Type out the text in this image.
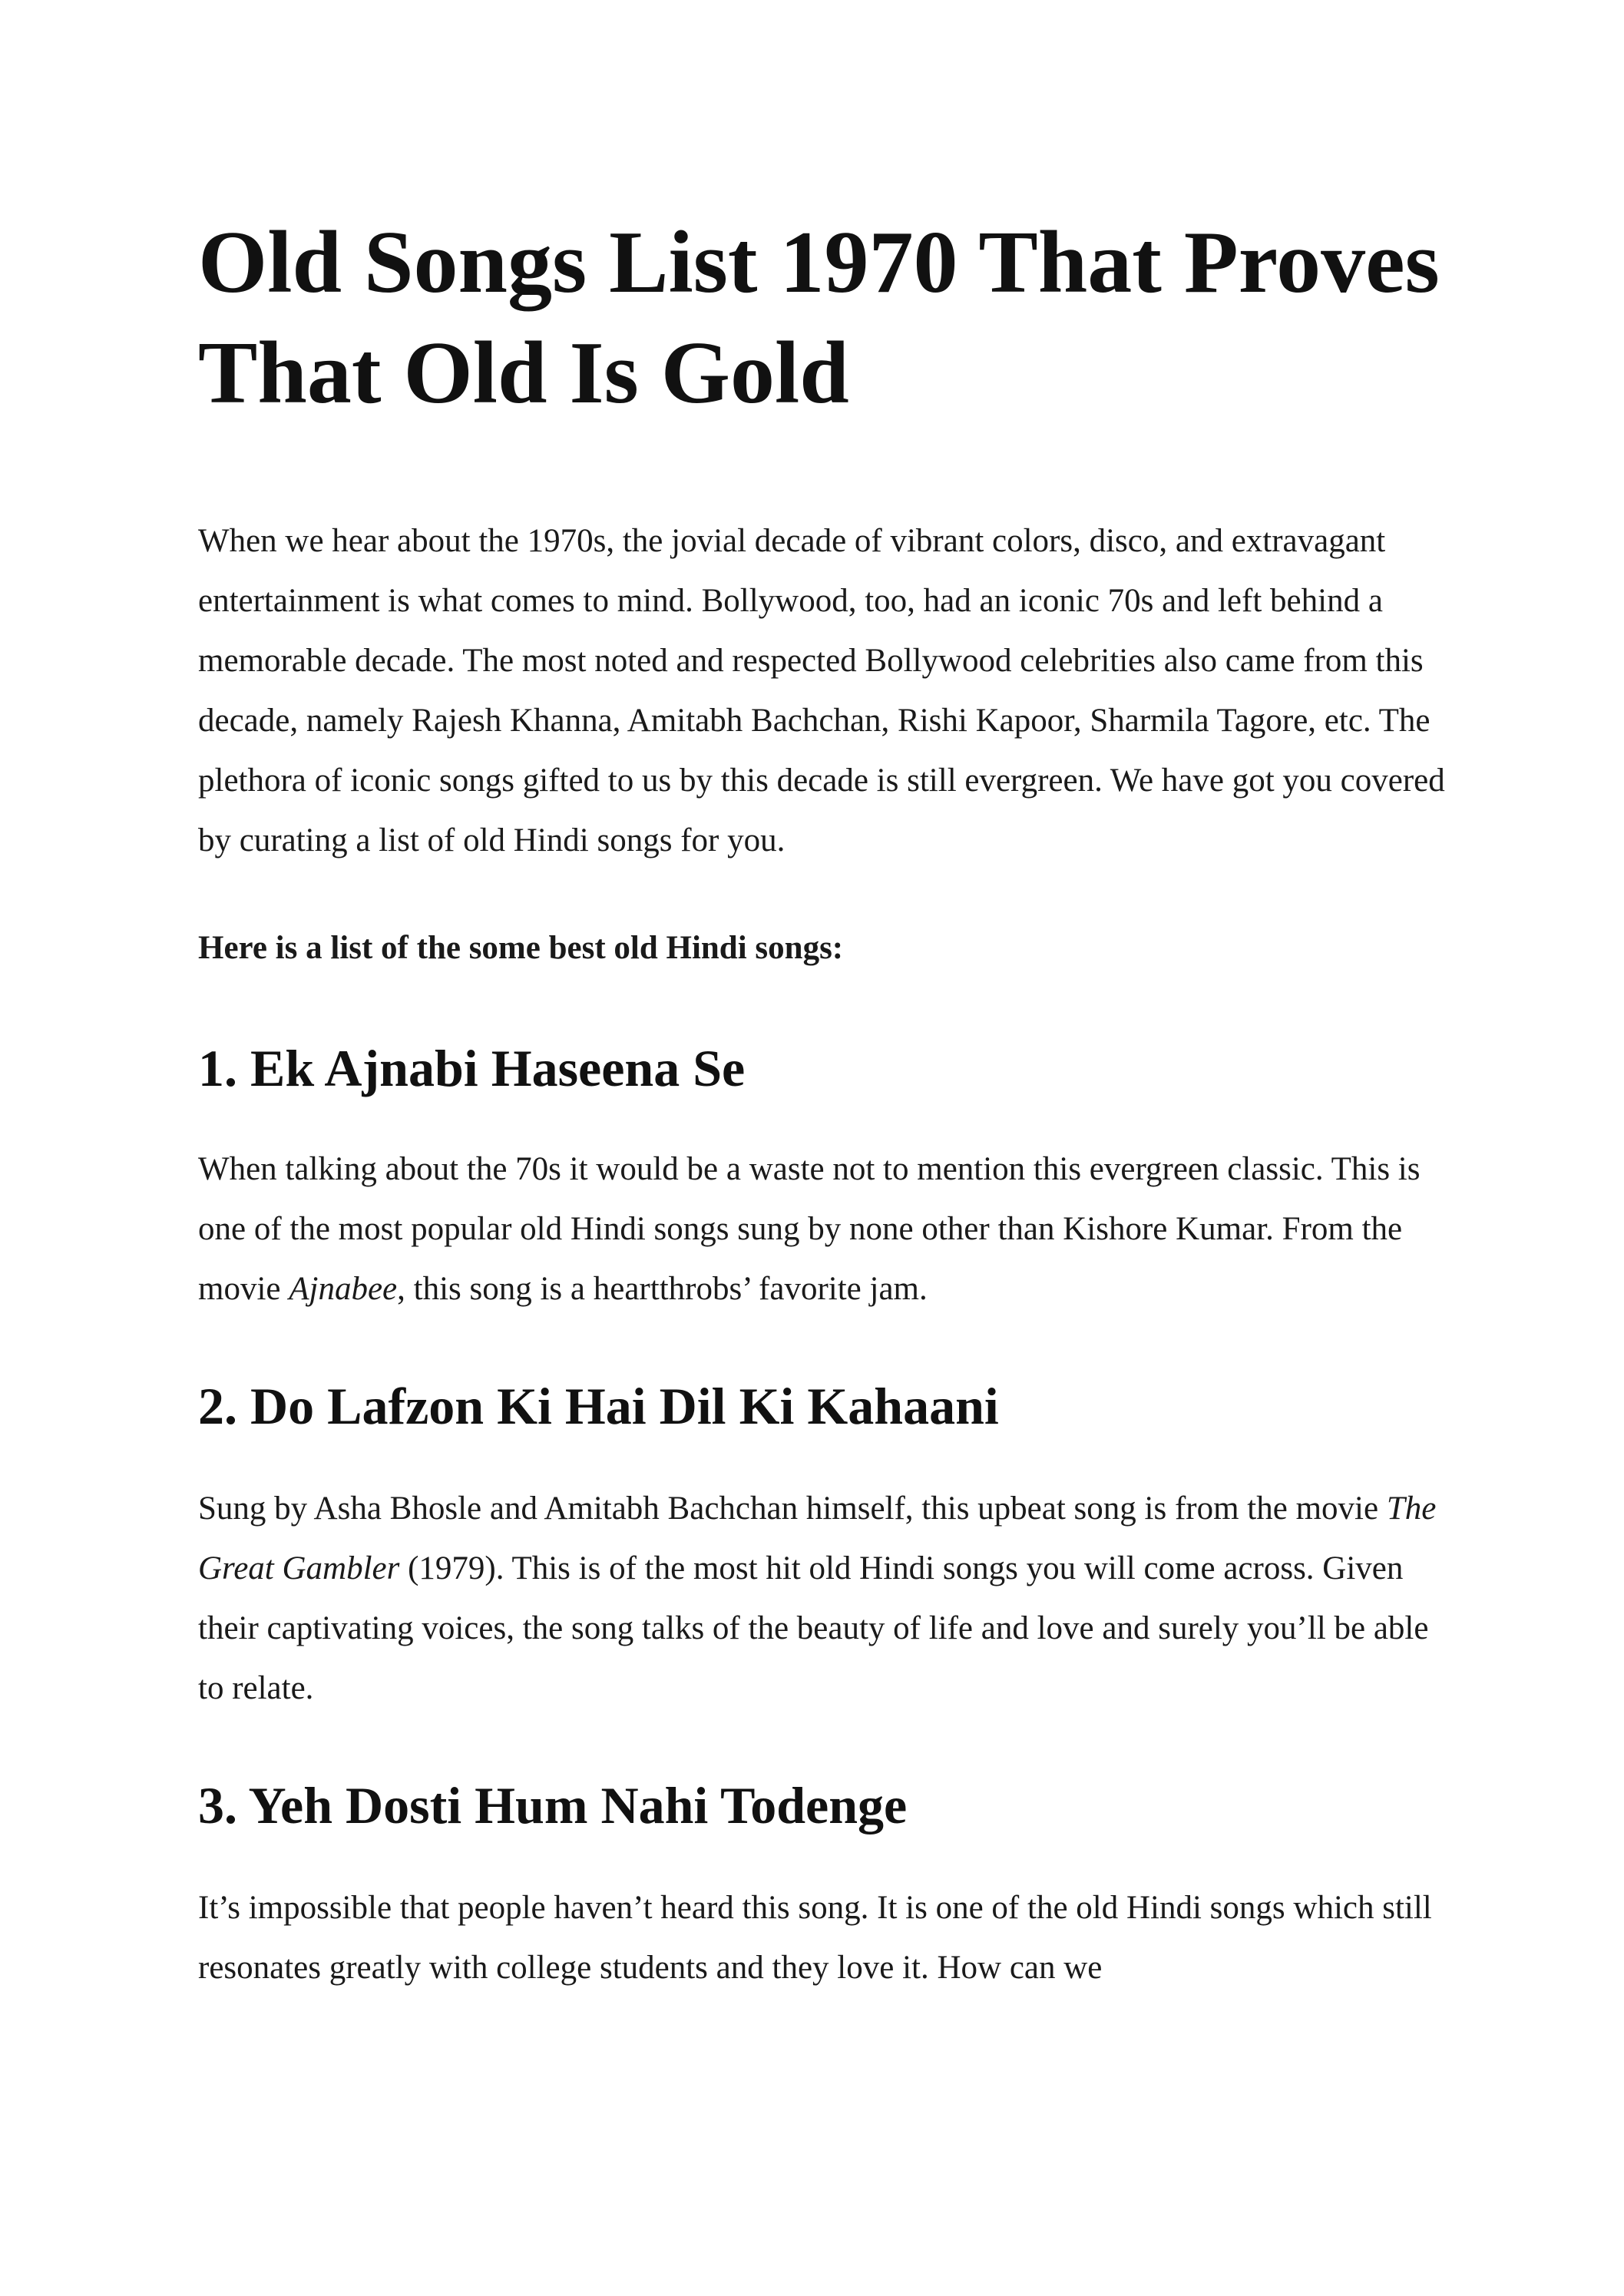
Old Songs List 1970 That Proves That Old Is Gold

When we hear about the 1970s, the jovial decade of vibrant colors, disco, and extravagant entertainment is what comes to mind. Bollywood, too, had an iconic 70s and left behind a memorable decade. The most noted and respected Bollywood celebrities also came from this decade, namely Rajesh Khanna, Amitabh Bachchan, Rishi Kapoor, Sharmila Tagore, etc. The plethora of iconic songs gifted to us by this decade is still evergreen. We have got you covered by curating a list of old Hindi songs for you.

Here is a list of the some best old Hindi songs:

1. Ek Ajnabi Haseena Se

When talking about the 70s it would be a waste not to mention this evergreen classic. This is one of the most popular old Hindi songs sung by none other than Kishore Kumar. From the movie Ajnabee, this song is a heartthrobs’ favorite jam.

2. Do Lafzon Ki Hai Dil Ki Kahaani

Sung by Asha Bhosle and Amitabh Bachchan himself, this upbeat song is from the movie The Great Gambler (1979). This is of the most hit old Hindi songs you will come across. Given their captivating voices, the song talks of the beauty of life and love and surely you’ll be able to relate.

3. Yeh Dosti Hum Nahi Todenge

It’s impossible that people haven’t heard this song. It is one of the old Hindi songs which still resonates greatly with college students and they love it. How can we
